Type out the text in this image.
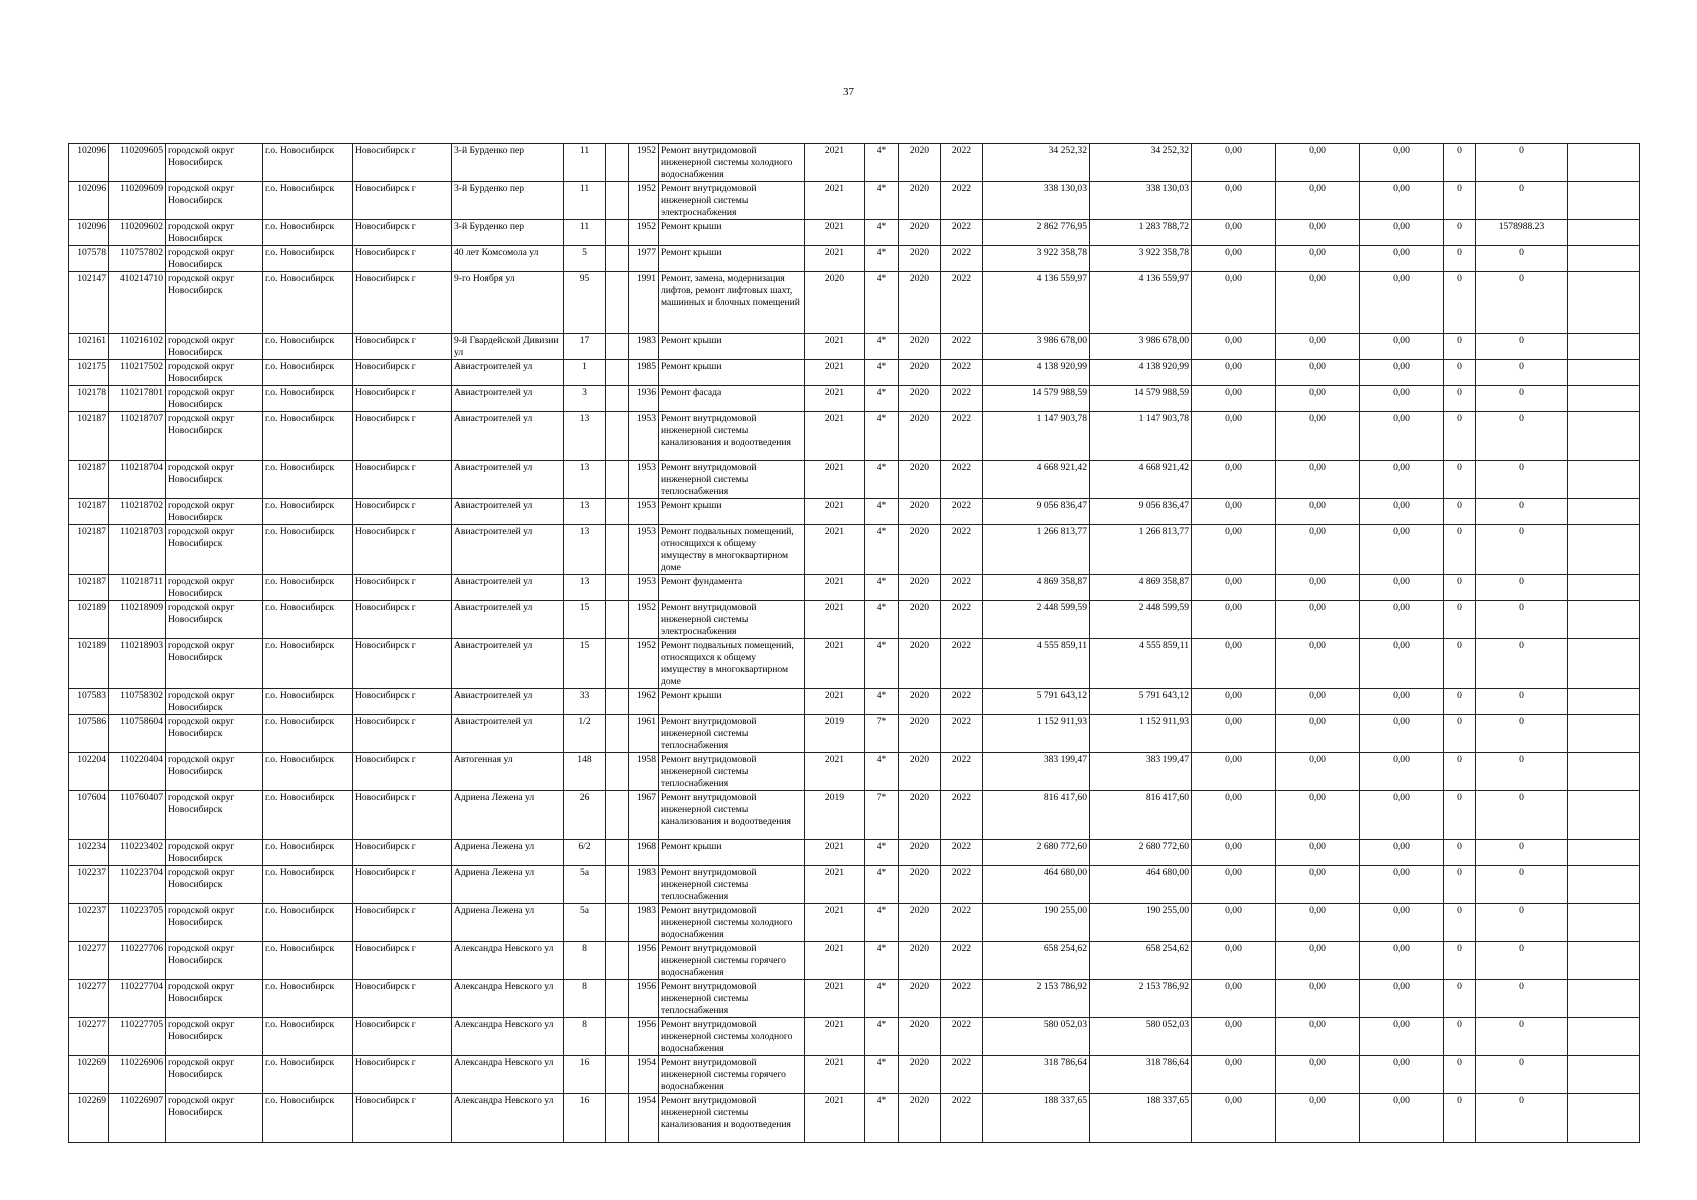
37
102096	110209605	городской округ Новосибирск	г.о. Новосибирск	Новосибирск г	3-й Бурденко пер	11		1952	Ремонт внутридомовой инженерной системы холодного водоснабжения	2021	4*	2020	2022	34 252,32	34 252,32	0,00	0,00	0,00	0	0	
102096	110209609	городской округ Новосибирск	г.о. Новосибирск	Новосибирск г	3-й Бурденко пер	11		1952	Ремонт внутридомовой инженерной системы электроснабжения	2021	4*	2020	2022	338 130,03	338 130,03	0,00	0,00	0,00	0	0	
102096	110209602	городской округ Новосибирск	г.о. Новосибирск	Новосибирск г	3-й Бурденко пер	11		1952	Ремонт крыши	2021	4*	2020	2022	2 862 776,95	1 283 788,72	0,00	0,00	0,00	0	1578988.23	
107578	110757802	городской округ Новосибирск	г.о. Новосибирск	Новосибирск г	40 лет Комсомола ул	5		1977	Ремонт крыши	2021	4*	2020	2022	3 922 358,78	3 922 358,78	0,00	0,00	0,00	0	0	
102147	410214710	городской округ Новосибирск	г.о. Новосибирск	Новосибирск г	9-го Ноября ул	95		1991	Ремонт, замена, модернизация лифтов, ремонт лифтовых шахт, машинных и блочных помещений	2020	4*	2020	2022	4 136 559,97	4 136 559,97	0,00	0,00	0,00	0	0	
102161	110216102	городской округ Новосибирск	г.о. Новосибирск	Новосибирск г	9-й Гвардейской Дивизии ул	17		1983	Ремонт крыши	2021	4*	2020	2022	3 986 678,00	3 986 678,00	0,00	0,00	0,00	0	0	
102175	110217502	городской округ Новосибирск	г.о. Новосибирск	Новосибирск г	Авиастроителей ул	1		1985	Ремонт крыши	2021	4*	2020	2022	4 138 920,99	4 138 920,99	0,00	0,00	0,00	0	0	
102178	110217801	городской округ Новосибирск	г.о. Новосибирск	Новосибирск г	Авиастроителей ул	3		1936	Ремонт фасада	2021	4*	2020	2022	14 579 988,59	14 579 988,59	0,00	0,00	0,00	0	0	
102187	110218707	городской округ Новосибирск	г.о. Новосибирск	Новосибирск г	Авиастроителей ул	13		1953	Ремонт внутридомовой инженерной системы канализования и водоотведения	2021	4*	2020	2022	1 147 903,78	1 147 903,78	0,00	0,00	0,00	0	0	
102187	110218704	городской округ Новосибирск	г.о. Новосибирск	Новосибирск г	Авиастроителей ул	13		1953	Ремонт внутридомовой инженерной системы теплоснабжения	2021	4*	2020	2022	4 668 921,42	4 668 921,42	0,00	0,00	0,00	0	0	
102187	110218702	городской округ Новосибирск	г.о. Новосибирск	Новосибирск г	Авиастроителей ул	13		1953	Ремонт крыши	2021	4*	2020	2022	9 056 836,47	9 056 836,47	0,00	0,00	0,00	0	0	
102187	110218703	городской округ Новосибирск	г.о. Новосибирск	Новосибирск г	Авиастроителей ул	13		1953	Ремонт подвальных помещений, относящихся к общему имуществу в многоквартирном доме	2021	4*	2020	2022	1 266 813,77	1 266 813,77	0,00	0,00	0,00	0	0	
102187	110218711	городской округ Новосибирск	г.о. Новосибирск	Новосибирск г	Авиастроителей ул	13		1953	Ремонт фундамента	2021	4*	2020	2022	4 869 358,87	4 869 358,87	0,00	0,00	0,00	0	0	
102189	110218909	городской округ Новосибирск	г.о. Новосибирск	Новосибирск г	Авиастроителей ул	15		1952	Ремонт внутридомовой инженерной системы электроснабжения	2021	4*	2020	2022	2 448 599,59	2 448 599,59	0,00	0,00	0,00	0	0	
102189	110218903	городской округ Новосибирск	г.о. Новосибирск	Новосибирск г	Авиастроителей ул	15		1952	Ремонт подвальных помещений, относящихся к общему имуществу в многоквартирном доме	2021	4*	2020	2022	4 555 859,11	4 555 859,11	0,00	0,00	0,00	0	0	
107583	110758302	городской округ Новосибирск	г.о. Новосибирск	Новосибирск г	Авиастроителей ул	33		1962	Ремонт крыши	2021	4*	2020	2022	5 791 643,12	5 791 643,12	0,00	0,00	0,00	0	0	
107586	110758604	городской округ Новосибирск	г.о. Новосибирск	Новосибирск г	Авиастроителей ул	1/2		1961	Ремонт внутридомовой инженерной системы теплоснабжения	2019	7*	2020	2022	1 152 911,93	1 152 911,93	0,00	0,00	0,00	0	0	
102204	110220404	городской округ Новосибирск	г.о. Новосибирск	Новосибирск г	Автогенная ул	148		1958	Ремонт внутридомовой инженерной системы теплоснабжения	2021	4*	2020	2022	383 199,47	383 199,47	0,00	0,00	0,00	0	0	
107604	110760407	городской округ Новосибирск	г.о. Новосибирск	Новосибирск г	Адриена Лежена ул	26		1967	Ремонт внутридомовой инженерной системы канализования и водоотведения	2019	7*	2020	2022	816 417,60	816 417,60	0,00	0,00	0,00	0	0	
102234	110223402	городской округ Новосибирск	г.о. Новосибирск	Новосибирск г	Адриена Лежена ул	6/2		1968	Ремонт крыши	2021	4*	2020	2022	2 680 772,60	2 680 772,60	0,00	0,00	0,00	0	0	
102237	110223704	городской округ Новосибирск	г.о. Новосибирск	Новосибирск г	Адриена Лежена ул	5а		1983	Ремонт внутридомовой инженерной системы теплоснабжения	2021	4*	2020	2022	464 680,00	464 680,00	0,00	0,00	0,00	0	0	
102237	110223705	городской округ Новосибирск	г.о. Новосибирск	Новосибирск г	Адриена Лежена ул	5а		1983	Ремонт внутридомовой инженерной системы холодного водоснабжения	2021	4*	2020	2022	190 255,00	190 255,00	0,00	0,00	0,00	0	0	
102277	110227706	городской округ Новосибирск	г.о. Новосибирск	Новосибирск г	Александра Невского ул	8		1956	Ремонт внутридомовой инженерной системы горячего водоснабжения	2021	4*	2020	2022	658 254,62	658 254,62	0,00	0,00	0,00	0	0	
102277	110227704	городской округ Новосибирск	г.о. Новосибирск	Новосибирск г	Александра Невского ул	8		1956	Ремонт внутридомовой инженерной системы теплоснабжения	2021	4*	2020	2022	2 153 786,92	2 153 786,92	0,00	0,00	0,00	0	0	
102277	110227705	городской округ Новосибирск	г.о. Новосибирск	Новосибирск г	Александра Невского ул	8		1956	Ремонт внутридомовой инженерной системы холодного водоснабжения	2021	4*	2020	2022	580 052,03	580 052,03	0,00	0,00	0,00	0	0	
102269	110226906	городской округ Новосибирск	г.о. Новосибирск	Новосибирск г	Александра Невского ул	16		1954	Ремонт внутридомовой инженерной системы горячего водоснабжения	2021	4*	2020	2022	318 786,64	318 786,64	0,00	0,00	0,00	0	0	
102269	110226907	городской округ Новосибирск	г.о. Новосибирск	Новосибирск г	Александра Невского ул	16		1954	Ремонт внутридомовой инженерной системы канализования и водоотведения	2021	4*	2020	2022	188 337,65	188 337,65	0,00	0,00	0,00	0	0	
